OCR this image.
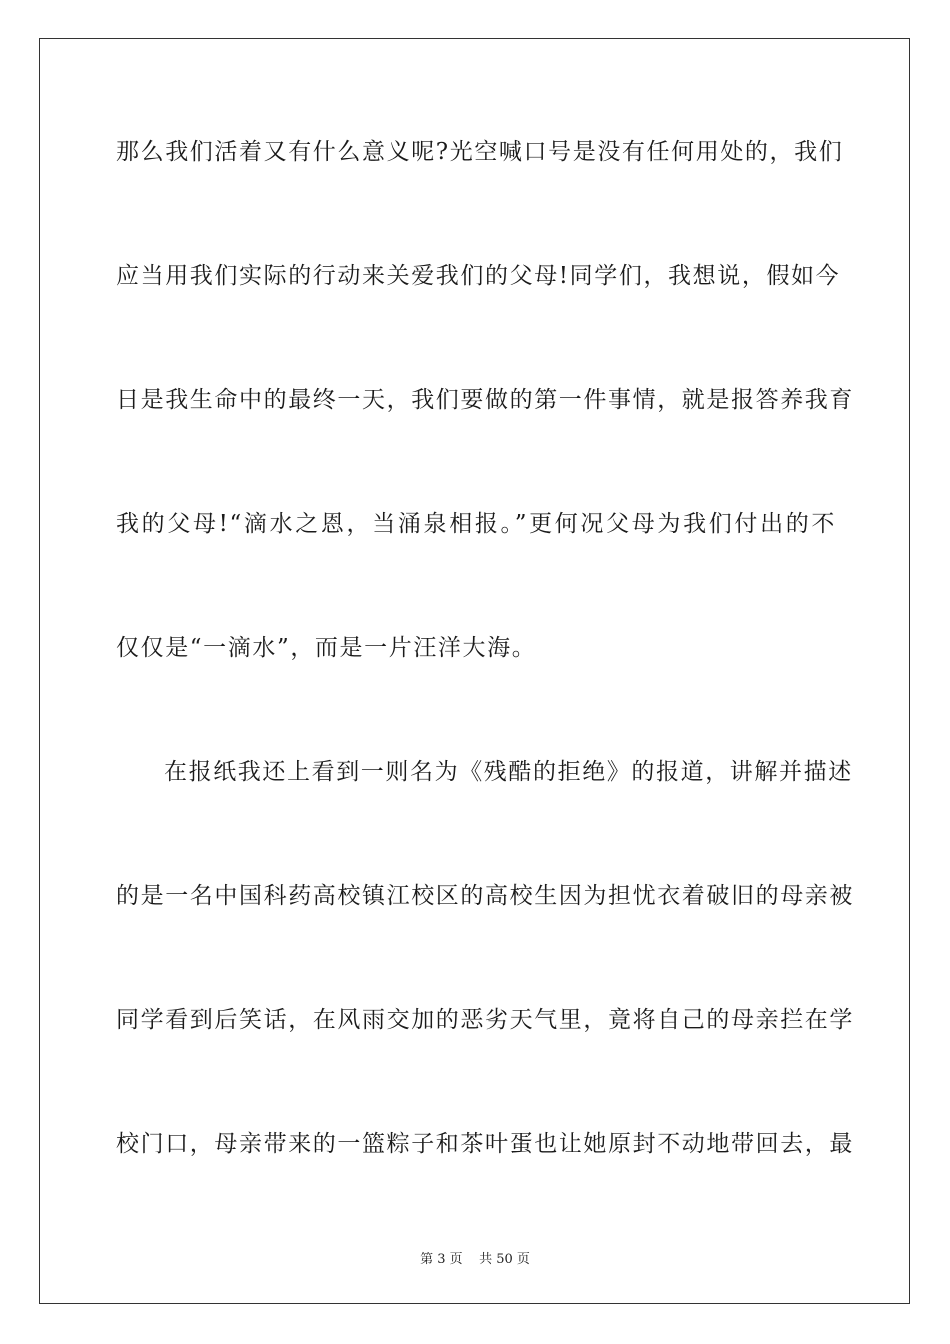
那么我们活着又有什么意义呢?光空喊口号是没有任何用处的，我们
应当用我们实际的行动来关爱我们的父母!同学们，我想说，假如今
日是我生命中的最终一天，我们要做的第一件事情，就是报答养我育
我的父母!“滴水之恩，当涌泉相报。”更何况父母为我们付出的不
仅仅是“一滴水”，而是一片汪洋大海。
在报纸我还上看到一则名为《残酷的拒绝》的报道，讲解并描述
的是一名中国科药高校镇江校区的高校生因为担忧衣着破旧的母亲被
同学看到后笑话，在风雨交加的恶劣天气里，竟将自己的母亲拦在学
校门口，母亲带来的一篮粽子和茶叶蛋也让她原封不动地带回去，最
第 3 页    共 50 页
